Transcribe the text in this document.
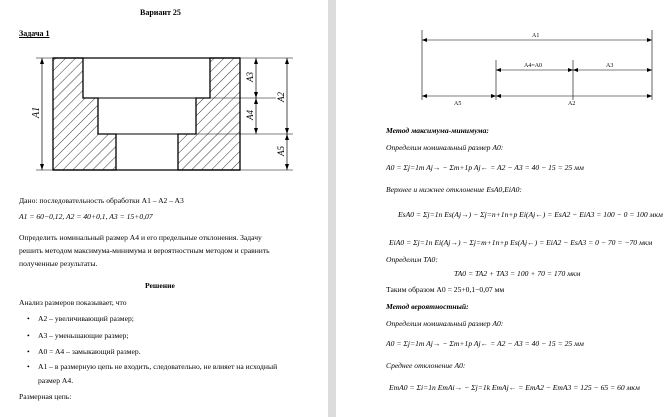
Вариант 25
Задача 1
A1
A3
A2
A4
A5
Дано: последовательность обработки A1 – A2 – A3
A1 = 60−0,12, A2 = 40+0,1, A3 = 15+0,07
Определить номинальный размер A4 и его предельные отклонения. Задачу
решить методом максимума-минимума и вероятностным методом и сравнить
полученные результаты.
Решение
Анализ размеров показывает, что
• A2 – увеличивающий размер;
• A3 – уменьшающие размер;
• A0 = A4 – замыкающий размер.
• A1 – в размерную цепь не входить, следовательно, не влияет на исходный
размер A4.
Размерная цепь:
A1
A4=A0	A3
A5	A2
Метод максимума-минимума:
Определим номинальный размер A0:
A0 = Σj=1m Aj→ − Σm+1p Aj← = A2 − A3 = 40 − 15 = 25 мм
Верхнее и нижнее отклонение EsA0,EiA0:
EsA0 = Σj=1n Es(Aj→) − Σj=n+1n+p Ei(Aj←) = EsA2 − EiA3 = 100 − 0 = 100 мкм
EiA0 = Σj=1n Ei(Aj→) − Σj=m+1n+p Es(Aj←) = EiA2 − EsA3 = 0 − 70 = −70 мкм
Определим TA0:
TA0 = TA2 + TA3 = 100 + 70 = 170 мкм
Таким образом A0 = 25+0,1−0,07 мм
Метод вероятностный:
Определим номинальный размер A0:
A0 = Σj=1m Aj→ − Σm+1p Aj← = A2 − A3 = 40 − 15 = 25 мм
Среднее отклонение A0:
EmA0 = Σi=1n EmAi→ − Σj=1k EmAj← = EmA2 − EmA3 = 125 − 65 = 60 мкм
